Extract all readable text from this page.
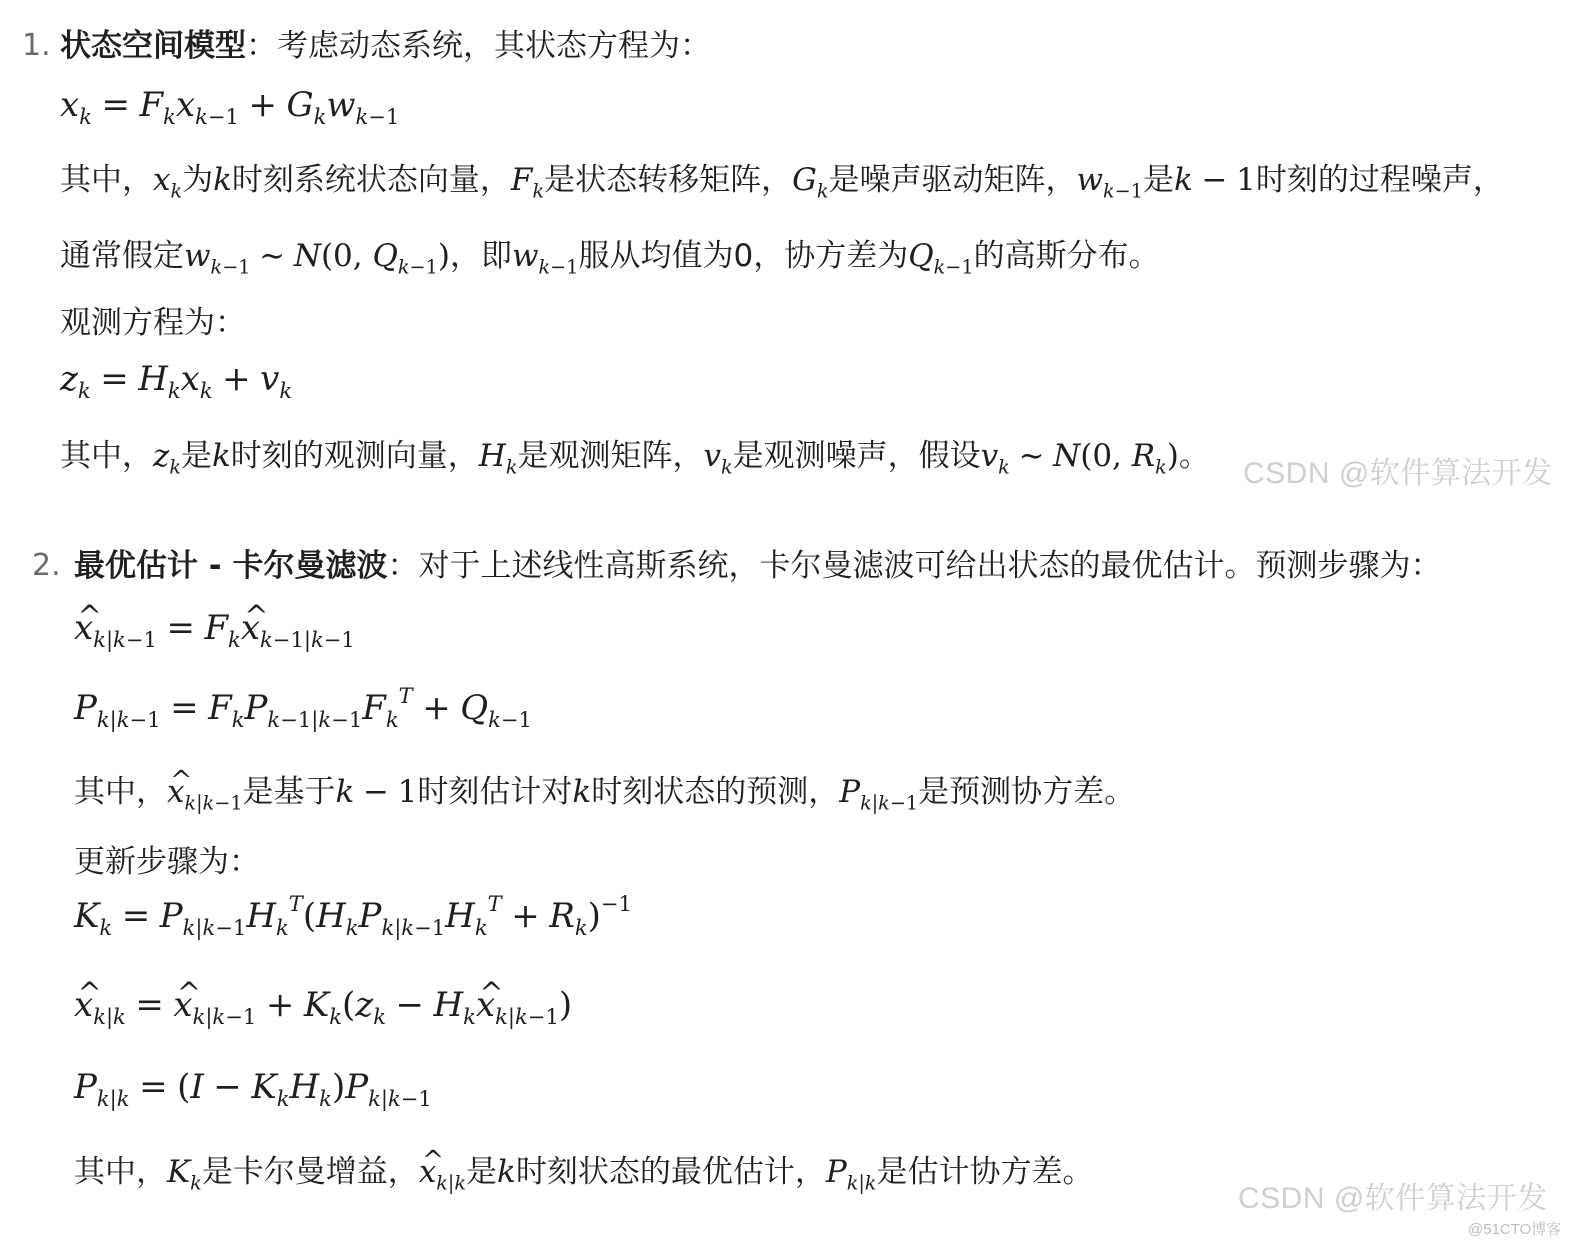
1. 状态空间模型：考虑动态系统，其状态方程为：
$x_k = F_kx_{k-1} + G_kw_{k-1}$
其中，$x_k$为k时刻系统状态向量，$F_k$是状态转移矩阵，$G_k$是噪声驱动矩阵，$w_{k-1}$是k − 1时刻的过程噪声，
通常假定$w_{k-1}$ ∼ N(0, $Q_{k-1}$)，即$w_{k-1}$服从均值为0，协方差为$Q_{k-1}$的高斯分布。
观测方程为：
$z_k = H_kx_k + v_k$
其中，$z_k$是k时刻的观测向量，$H_k$是观测矩阵，$v_k$是观测噪声，假设$v_k$ ∼ N(0, $R_k$)。 CSDN @软件算法开发
2. 最优估计 - 卡尔曼滤波：对于上述线性高斯系统，卡尔曼滤波可给出状态的最优估计。预测步骤为：
^ $x_{k|k-1}$ = $F_k\^{}$ $x_{k-1|k-1}$
$P_{k|k-1} = F_kP_{k-1|k-1}F_k^T + Q_{k-1}$
其中，^ $x_{k|k-1}$是基于k − 1时刻估计对k时刻状态的预测，$P_{k|k-1}$是预测协方差。
更新步骤为：
$K_k = P_{k|k-1}H_k^T(H_kP_{k|k-1}H_k^T + R_k)^{-1}$
^ $x_{k|k}$ =^ $x_{k|k-1} + K_k(z_k$ − $H_k\^{}$ $x_{k|k-1}$)
$P_{k|k} = (I - K_kH_k)P_{k|k-1}$
其中，$K_k$是卡尔曼增益，^ $x_{k|k}$是k时刻状态的最优估计，$P_{k|k}$是估计协方差。
CSDN @软件算法开发
@51CTO博客
